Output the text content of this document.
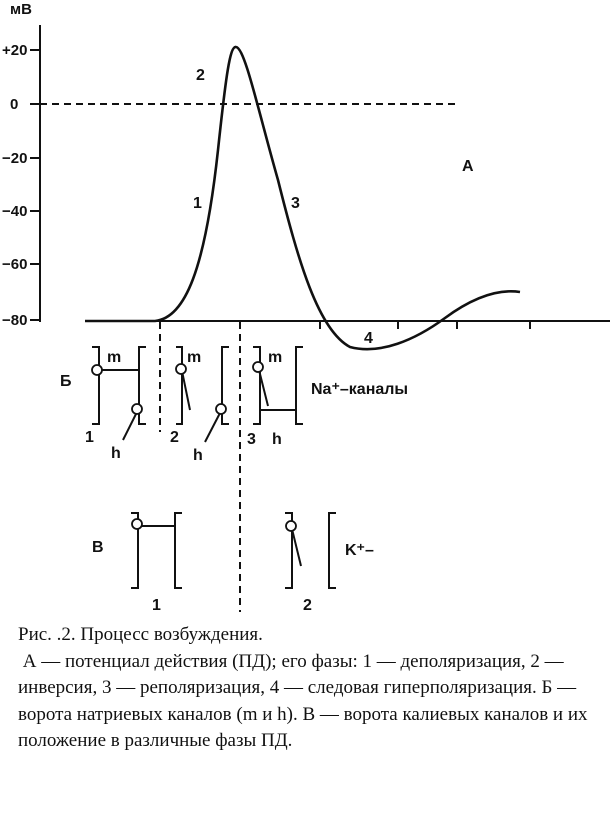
мВ
+20
0
−20
−40
−60
−80
А
2
1	3
4
Б
m
h
1
m
h
2
m
h
3
Na⁺–каналы
В
1	2
K⁺–
Рис. .2. Процесс возбуждения.
А — потенциал действия (ПД); его фазы: 1 — деполяризация, 2 — инверсия, 3 — реполяризация, 4 — следовая гиперполяризация. Б — ворота натриевых каналов (m и h). В — ворота калиевых каналов и их положение в различные фазы ПД.
